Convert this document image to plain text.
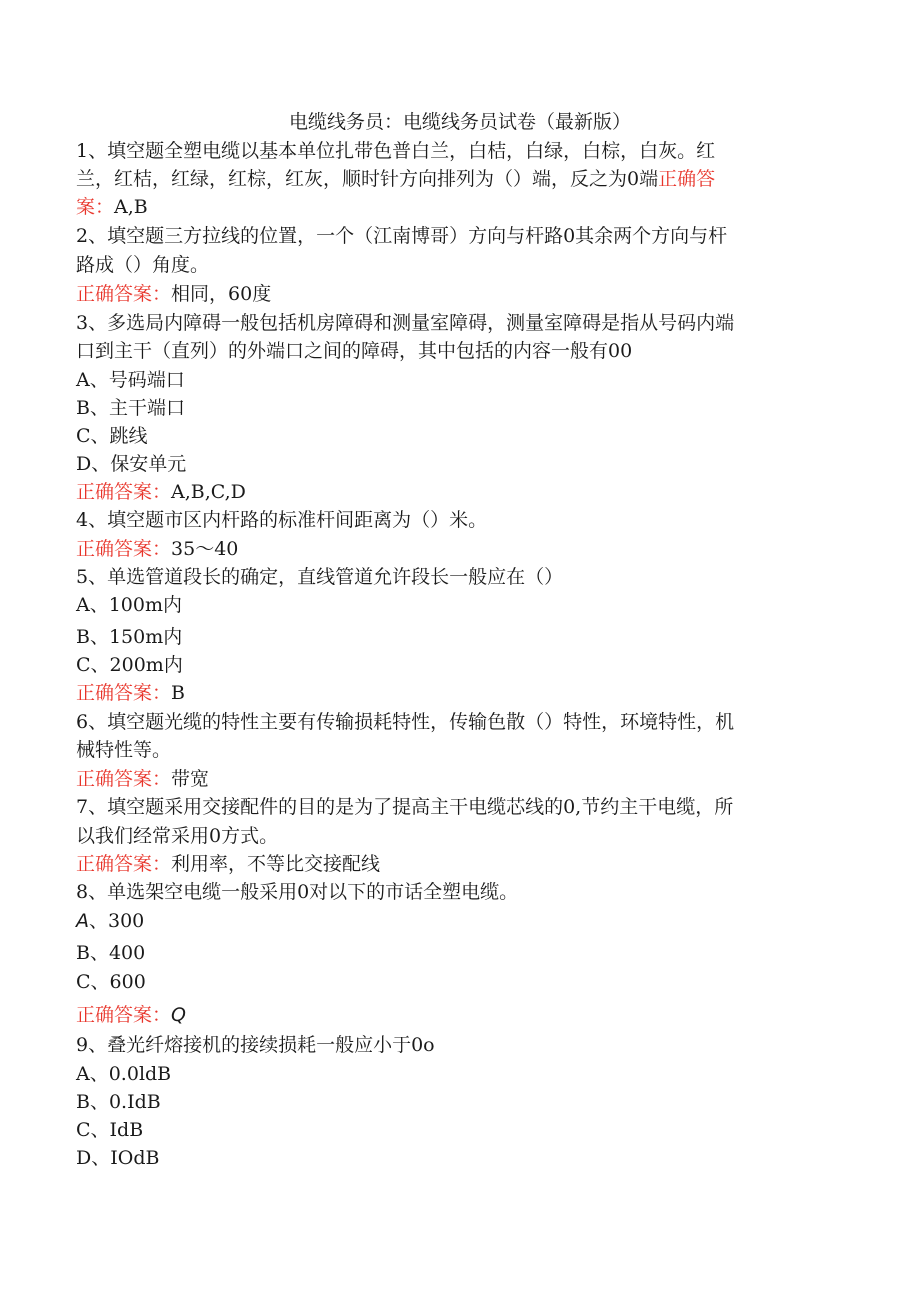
电缆线务员：电缆线务员试卷（最新版）
1、填空题全塑电缆以基本单位扎带色普白兰，白桔，白绿，白棕，白灰。红
兰，红桔，红绿，红棕，红灰，顺时针方向排列为（）端，反之为0端正确答
案：A,B
2、填空题三方拉线的位置，一个（江南博哥）方向与杆路0其余两个方向与杆
路成（）角度。
正确答案：相同，60度
3、多选局内障碍一般包括机房障碍和测量室障碍，测量室障碍是指从号码内端
口到主干（直列）的外端口之间的障碍，其中包括的内容一般有00
A、号码端口
B、主干端口
C、跳线
D、保安单元
正确答案：A,B,C,D
4、填空题市区内杆路的标准杆间距离为（）米。
正确答案：35～40
5、单选管道段长的确定，直线管道允许段长一般应在（）
A、100m内
B、150m内
C、200m内
正确答案：B
6、填空题光缆的特性主要有传输损耗特性，传输色散（）特性，环境特性，机
械特性等。
正确答案：带宽
7、填空题采用交接配件的目的是为了提高主干电缆芯线的0,节约主干电缆，所
以我们经常采用0方式。
正确答案：利用率，不等比交接配线
8、单选架空电缆一般采用0对以下的市话全塑电缆。
A、300
B、400
C、600
正确答案：Q
9、叠光纤熔接机的接续损耗一般应小于0o
A、0.0ldB
B、0.IdB
C、IdB
D、IOdB
